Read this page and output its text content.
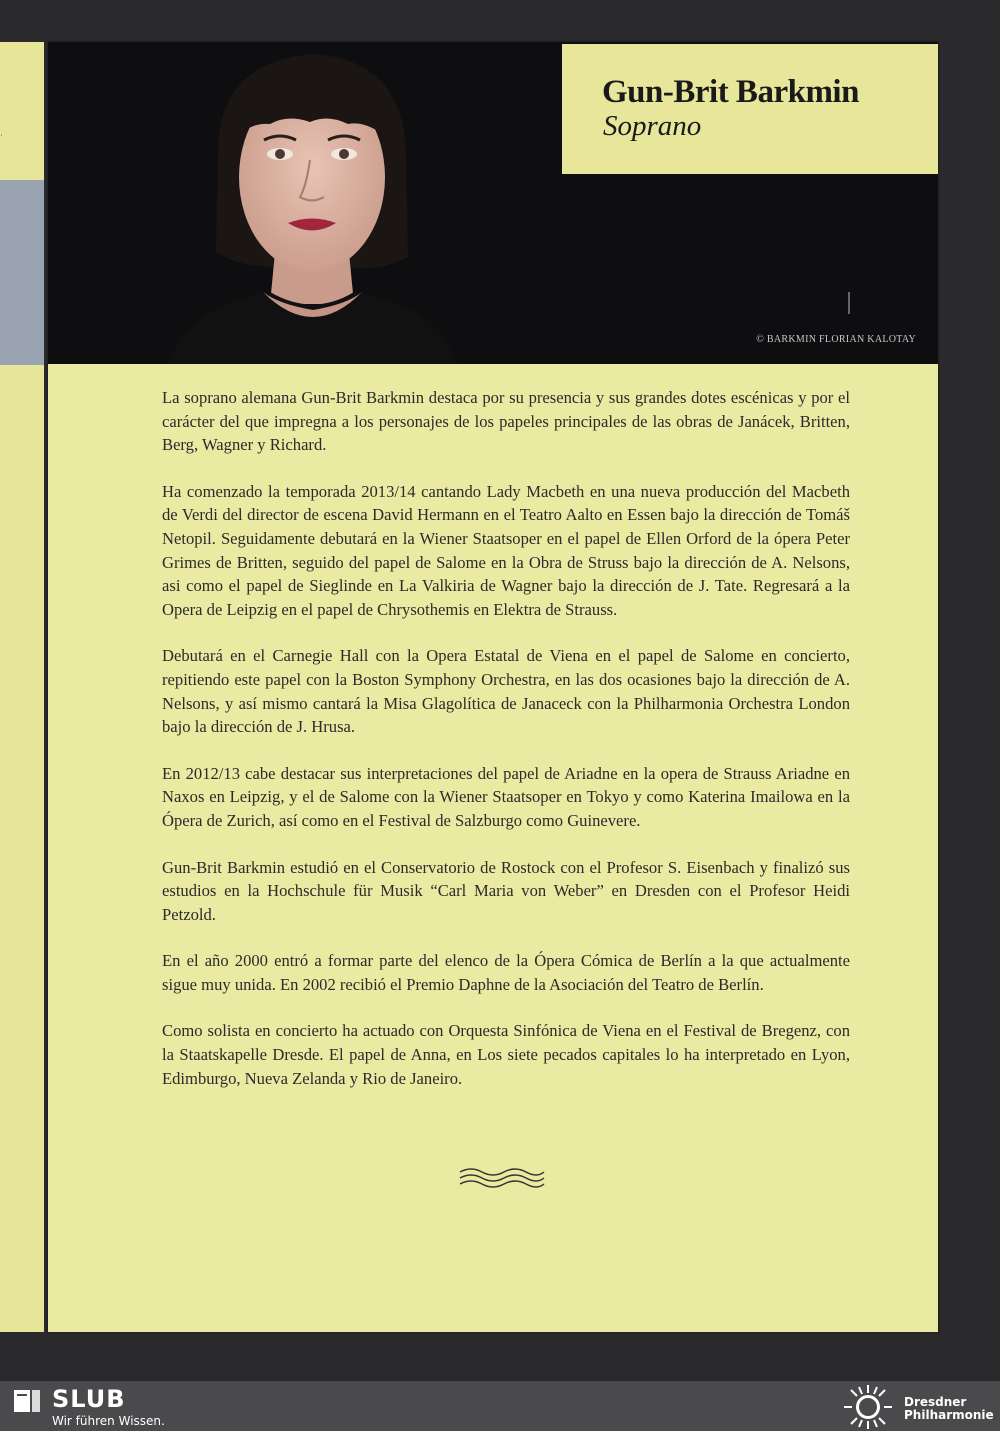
·
Gun-Brit Barkmin
Soprano
© BARKMIN FLORIAN KALOTAY

La soprano alemana Gun-Brit Barkmin destaca por su presencia y sus grandes dotes escénicas y por el carácter del que impregna a los personajes de los papeles principales de las obras de Janácek, Britten, Berg, Wagner y Richard.

Ha comenzado la temporada 2013/14 cantando Lady Macbeth en una nueva producción del Macbeth de Verdi del director de escena David Hermann en el Teatro Aalto en Essen bajo la dirección de Tomáš Netopil. Seguidamente debutará en la Wiener Staatsoper en el papel de Ellen Orford de la ópera Peter Grimes de Britten, seguido del papel de Salome en la Obra de Struss bajo la dirección de A. Nelsons, asi como el papel de Sieglinde en La Valkiria de Wagner bajo la dirección de J. Tate. Regresará a la Opera de Leipzig en el papel de Chrysothemis en Elektra de Strauss.

Debutará en el Carnegie Hall con la Opera Estatal de Viena en el papel de Salome en concierto, repitiendo este papel con la Boston Symphony Orchestra, en las dos ocasiones bajo la dirección de A. Nelsons, y así mismo cantará la Misa Glagolítica de Janaceck con la Philharmonia Orchestra London bajo la dirección de J. Hrusa.

En 2012/13 cabe destacar sus interpretaciones del papel de Ariadne en la opera de Strauss Ariadne en Naxos en Leipzig, y el de Salome con la Wiener Staatsoper en Tokyo y como Katerina Imailowa en la Ópera de Zurich, así como en el Festival de Salzburgo como Guinevere.

Gun-Brit Barkmin estudió en el Conservatorio de Rostock con el Profesor S. Eisenbach y finalizó sus estudios en la Hochschule für Musik “Carl Maria von Weber” en Dresden con el Profesor Heidi Petzold.

En el año 2000 entró a formar parte del elenco de la Ópera Cómica de Berlín a la que actualmente sigue muy unida. En 2002 recibió el Premio Daphne de la Asociación del Teatro de Berlín.

Como solista en concierto ha actuado con Orquesta Sinfónica de Viena en el Festival de Bregenz, con la Staatskapelle Dresde. El papel de Anna, en Los siete pecados capitales lo ha interpretado en Lyon, Edimburgo, Nueva Zelanda y Rio de Janeiro.

SLUB
Wir führen Wissen.
Dresdner
Philharmonie
